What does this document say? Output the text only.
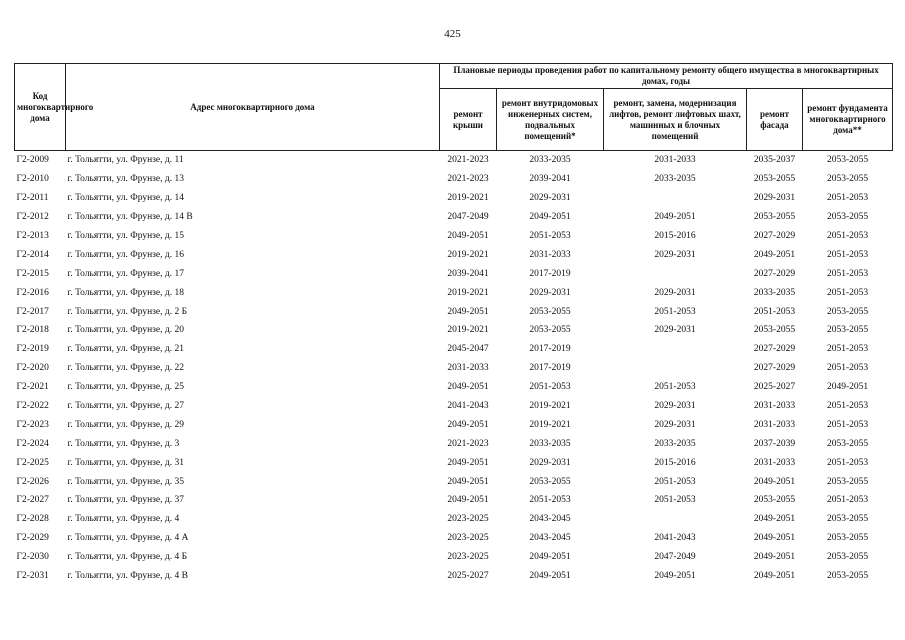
425
Код многоквартирного дома	Адрес многоквартирного дома	Плановые периоды проведения работ по капитальному ремонту общего имущества в многоквартирных домах, годы				
		ремонт крыши	ремонт внутридомовых инженерных систем, подвальных помещений*	ремонт, замена, модернизация лифтов, ремонт лифтовых шахт, машинных и блочных помещений	ремонт фасада	ремонт фундамента многоквартирного дома**
Г2-2009	г. Тольятти, ул. Фрунзе, д. 11	2021-2023	2033-2035	2031-2033	2035-2037	2053-2055
Г2-2010	г. Тольятти, ул. Фрунзе, д. 13	2021-2023	2039-2041	2033-2035	2053-2055	2053-2055
Г2-2011	г. Тольятти, ул. Фрунзе, д. 14	2019-2021	2029-2031		2029-2031	2051-2053
Г2-2012	г. Тольятти, ул. Фрунзе, д. 14 В	2047-2049	2049-2051	2049-2051	2053-2055	2053-2055
Г2-2013	г. Тольятти, ул. Фрунзе, д. 15	2049-2051	2051-2053	2015-2016	2027-2029	2051-2053
Г2-2014	г. Тольятти, ул. Фрунзе, д. 16	2019-2021	2031-2033	2029-2031	2049-2051	2051-2053
Г2-2015	г. Тольятти, ул. Фрунзе, д. 17	2039-2041	2017-2019		2027-2029	2051-2053
Г2-2016	г. Тольятти, ул. Фрунзе, д. 18	2019-2021	2029-2031	2029-2031	2033-2035	2051-2053
Г2-2017	г. Тольятти, ул. Фрунзе, д. 2 Б	2049-2051	2053-2055	2051-2053	2051-2053	2053-2055
Г2-2018	г. Тольятти, ул. Фрунзе, д. 20	2019-2021	2053-2055	2029-2031	2053-2055	2053-2055
Г2-2019	г. Тольятти, ул. Фрунзе, д. 21	2045-2047	2017-2019		2027-2029	2051-2053
Г2-2020	г. Тольятти, ул. Фрунзе, д. 22	2031-2033	2017-2019		2027-2029	2051-2053
Г2-2021	г. Тольятти, ул. Фрунзе, д. 25	2049-2051	2051-2053	2051-2053	2025-2027	2049-2051
Г2-2022	г. Тольятти, ул. Фрунзе, д. 27	2041-2043	2019-2021	2029-2031	2031-2033	2051-2053
Г2-2023	г. Тольятти, ул. Фрунзе, д. 29	2049-2051	2019-2021	2029-2031	2031-2033	2051-2053
Г2-2024	г. Тольятти, ул. Фрунзе, д. 3	2021-2023	2033-2035	2033-2035	2037-2039	2053-2055
Г2-2025	г. Тольятти, ул. Фрунзе, д. 31	2049-2051	2029-2031	2015-2016	2031-2033	2051-2053
Г2-2026	г. Тольятти, ул. Фрунзе, д. 35	2049-2051	2053-2055	2051-2053	2049-2051	2053-2055
Г2-2027	г. Тольятти, ул. Фрунзе, д. 37	2049-2051	2051-2053	2051-2053	2053-2055	2051-2053
Г2-2028	г. Тольятти, ул. Фрунзе, д. 4	2023-2025	2043-2045		2049-2051	2053-2055
Г2-2029	г. Тольятти, ул. Фрунзе, д. 4 А	2023-2025	2043-2045	2041-2043	2049-2051	2053-2055
Г2-2030	г. Тольятти, ул. Фрунзе, д. 4 Б	2023-2025	2049-2051	2047-2049	2049-2051	2053-2055
Г2-2031	г. Тольятти, ул. Фрунзе, д. 4 В	2025-2027	2049-2051	2049-2051	2049-2051	2053-2055
